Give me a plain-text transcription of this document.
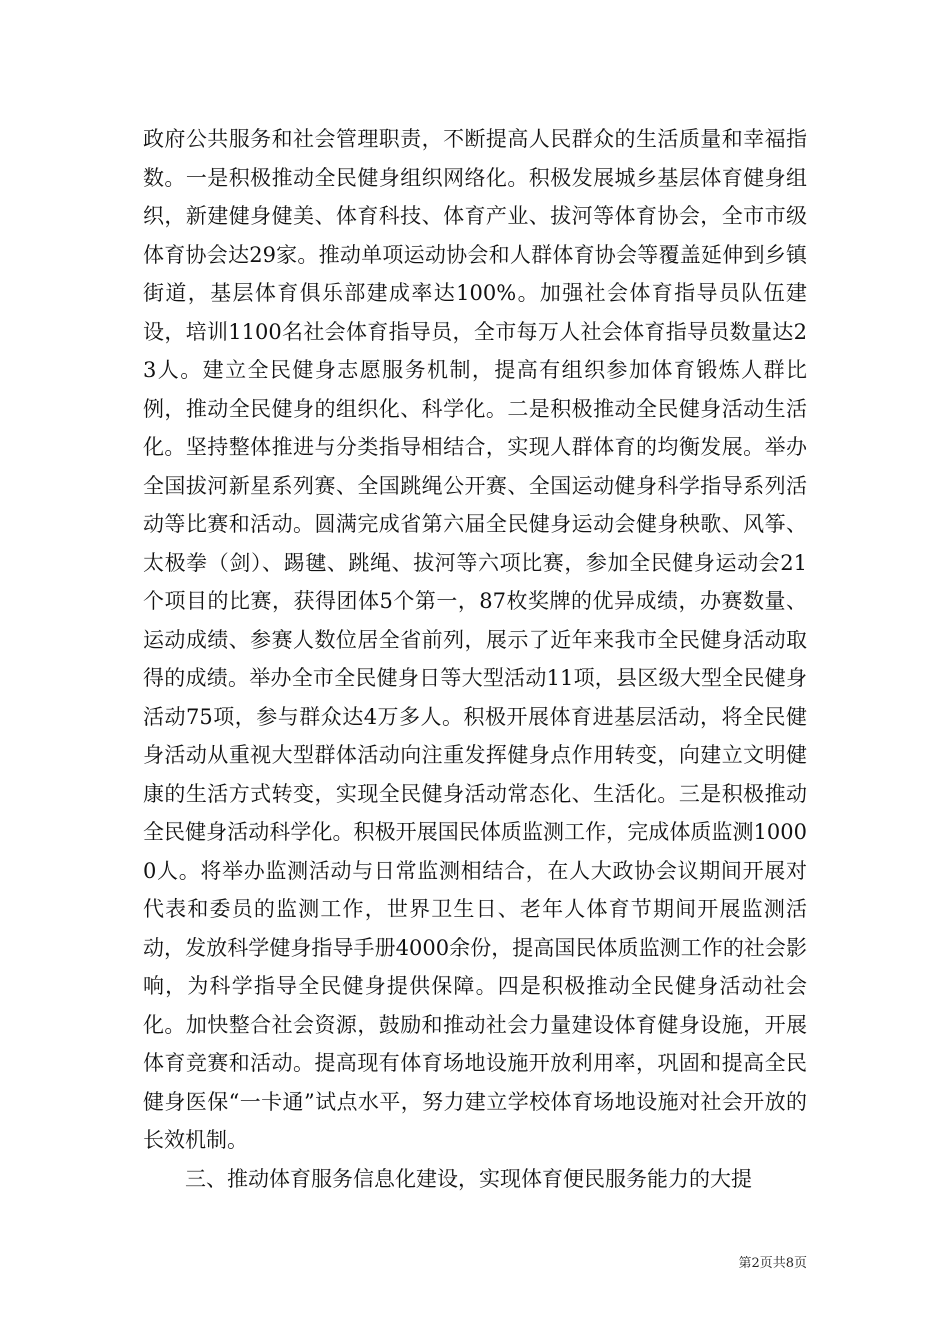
政府公共服务和社会管理职责，不断提高人民群众的生活质量和幸福指数。一是积极推动全民健身组织网络化。积极发展城乡基层体育健身组织，新建健身健美、体育科技、体育产业、拔河等体育协会，全市市级体育协会达29家。推动单项运动协会和人群体育协会等覆盖延伸到乡镇街道，基层体育俱乐部建成率达100%。加强社会体育指导员队伍建设，培训1100名社会体育指导员，全市每万人社会体育指导员数量达23人。建立全民健身志愿服务机制，提高有组织参加体育锻炼人群比例，推动全民健身的组织化、科学化。二是积极推动全民健身活动生活化。坚持整体推进与分类指导相结合，实现人群体育的均衡发展。举办全国拔河新星系列赛、全国跳绳公开赛、全国运动健身科学指导系列活动等比赛和活动。圆满完成省第六届全民健身运动会健身秧歌、风筝、太极拳（剑）、踢毽、跳绳、拔河等六项比赛，参加全民健身运动会21个项目的比赛，获得团体5个第一，87枚奖牌的优异成绩，办赛数量、运动成绩、参赛人数位居全省前列，展示了近年来我市全民健身活动取得的成绩。举办全市全民健身日等大型活动11项，县区级大型全民健身活动75项，参与群众达4万多人。积极开展体育进基层活动，将全民健身活动从重视大型群体活动向注重发挥健身点作用转变，向建立文明健康的生活方式转变，实现全民健身活动常态化、生活化。三是积极推动全民健身活动科学化。积极开展国民体质监测工作，完成体质监测10000人。将举办监测活动与日常监测相结合，在人大政协会议期间开展对代表和委员的监测工作，世界卫生日、老年人体育节期间开展监测活动，发放科学健身指导手册4000余份，提高国民体质监测工作的社会影响，为科学指导全民健身提供保障。四是积极推动全民健身活动社会化。加快整合社会资源，鼓励和推动社会力量建设体育健身设施，开展体育竞赛和活动。提高现有体育场地设施开放利用率，巩固和提高全民健身医保“一卡通”试点水平，努力建立学校体育场地设施对社会开放的长效机制。

三、推动体育服务信息化建设，实现体育便民服务能力的大提

第2页共8页
